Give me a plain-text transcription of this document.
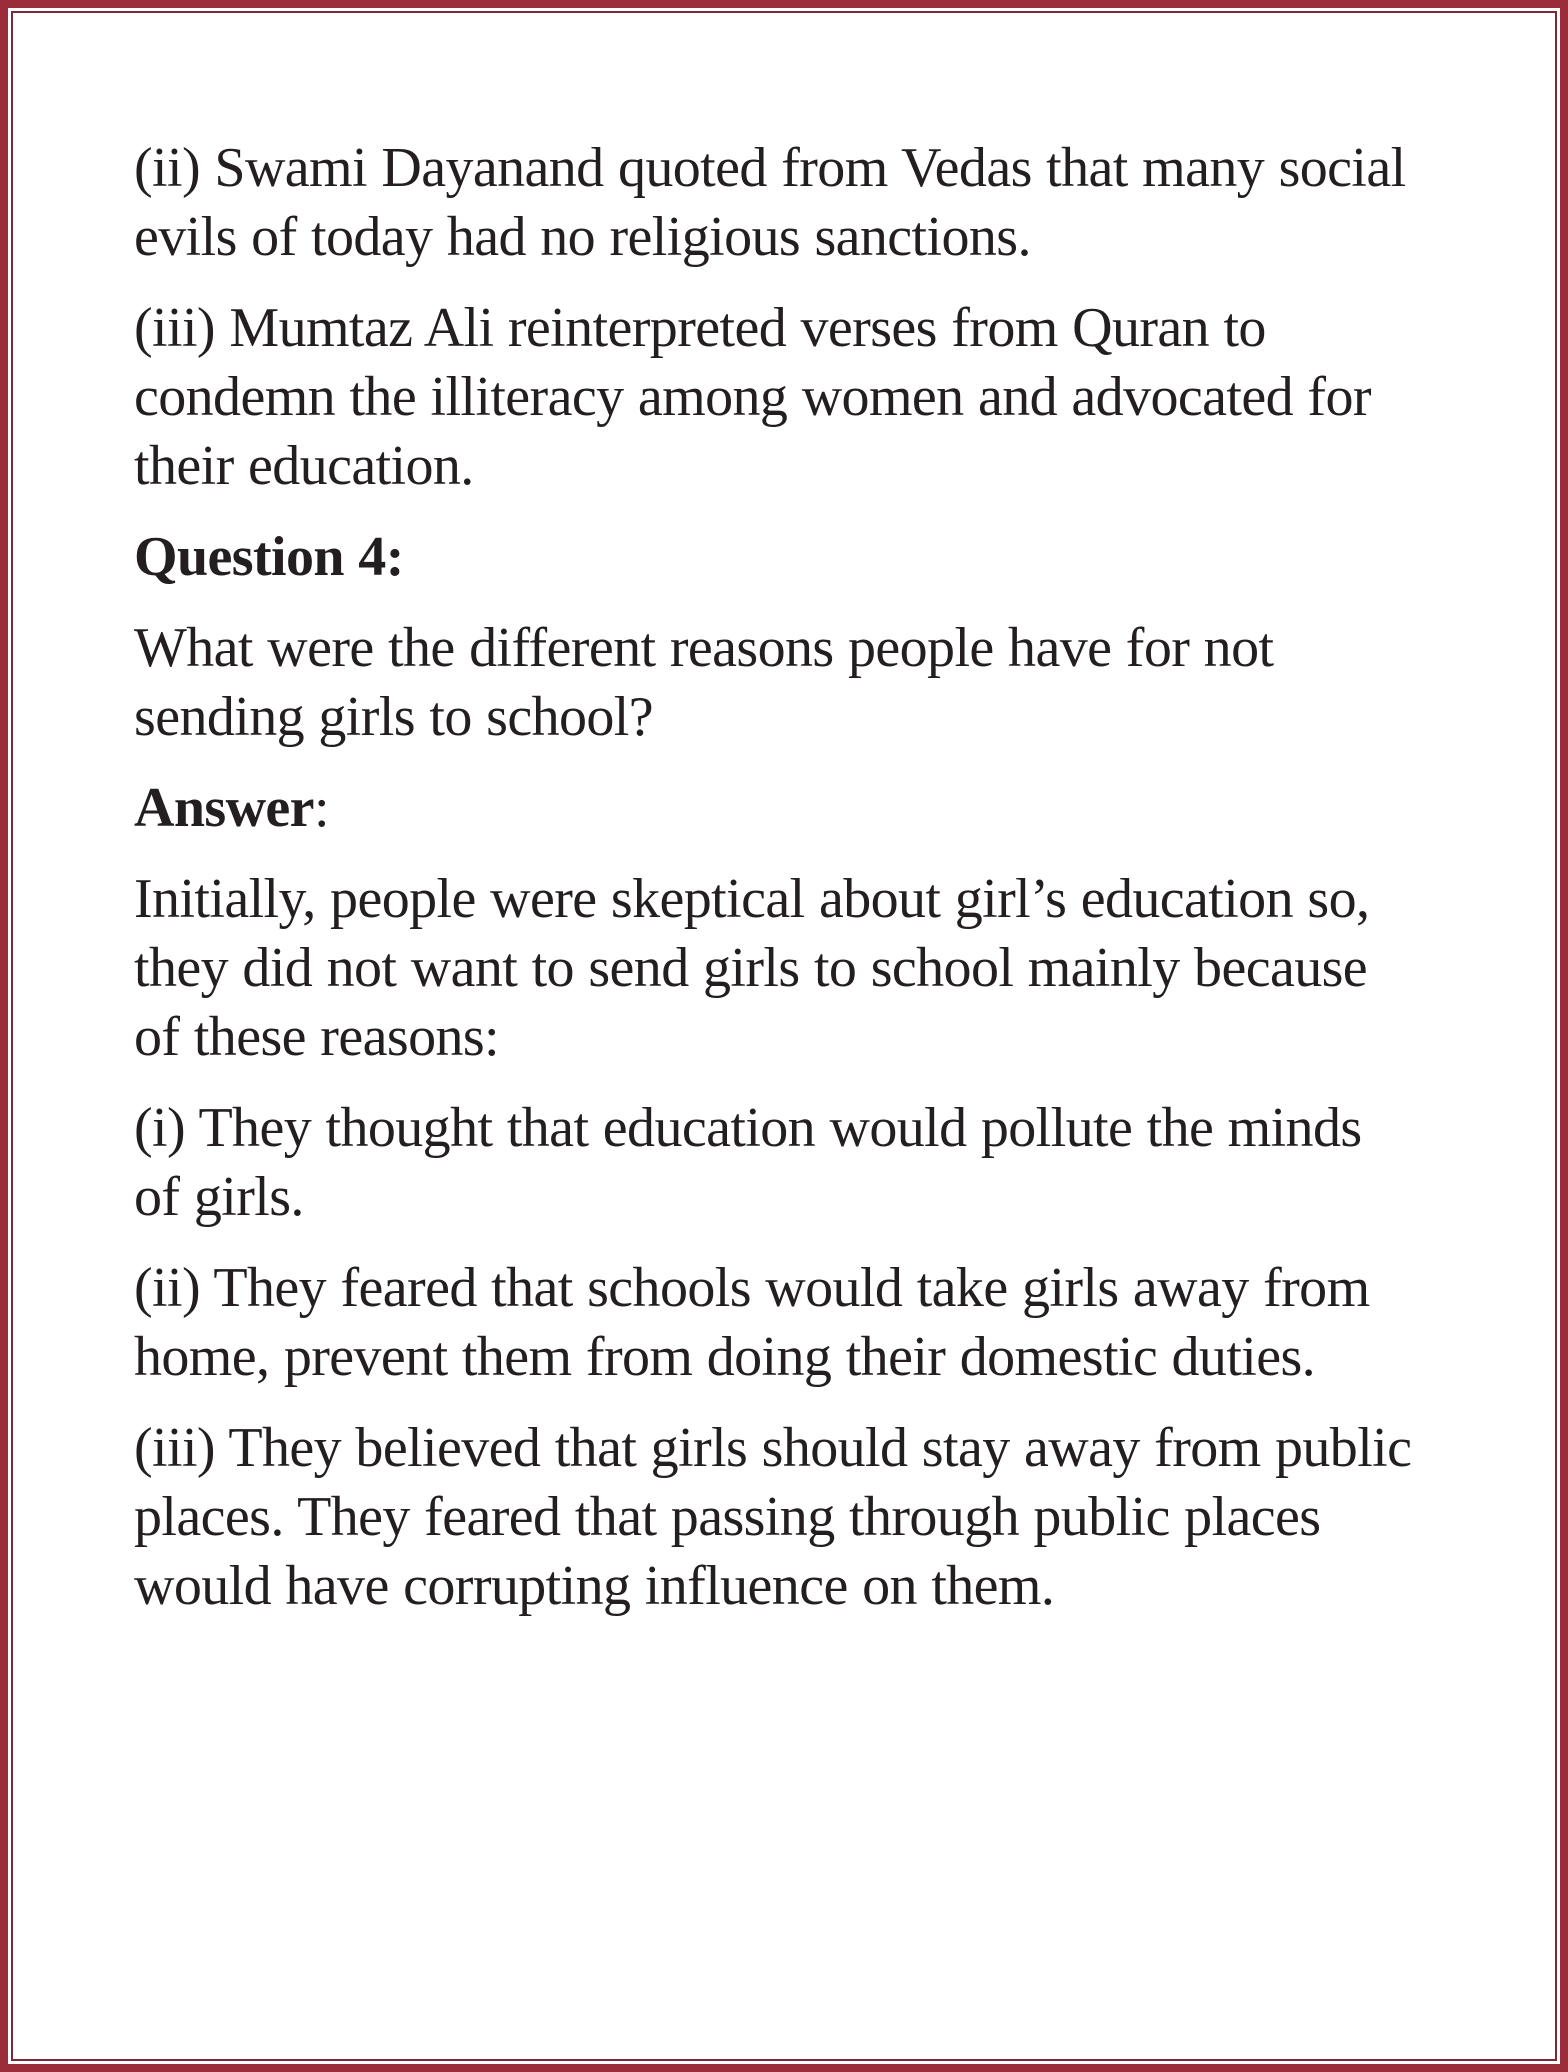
(ii) Swami Dayanand quoted from Vedas that many social
evils of today had no religious sanctions.

(iii) Mumtaz Ali reinterpreted verses from Quran to
condemn the illiteracy among women and advocated for
their education.

Question 4:

What were the different reasons people have for not
sending girls to school?

Answer:

Initially, people were skeptical about girl’s education so,
they did not want to send girls to school mainly because
of these reasons:

(i) They thought that education would pollute the minds
of girls.

(ii) They feared that schools would take girls away from
home, prevent them from doing their domestic duties.

(iii) They believed that girls should stay away from public
places. They feared that passing through public places
would have corrupting influence on them.
